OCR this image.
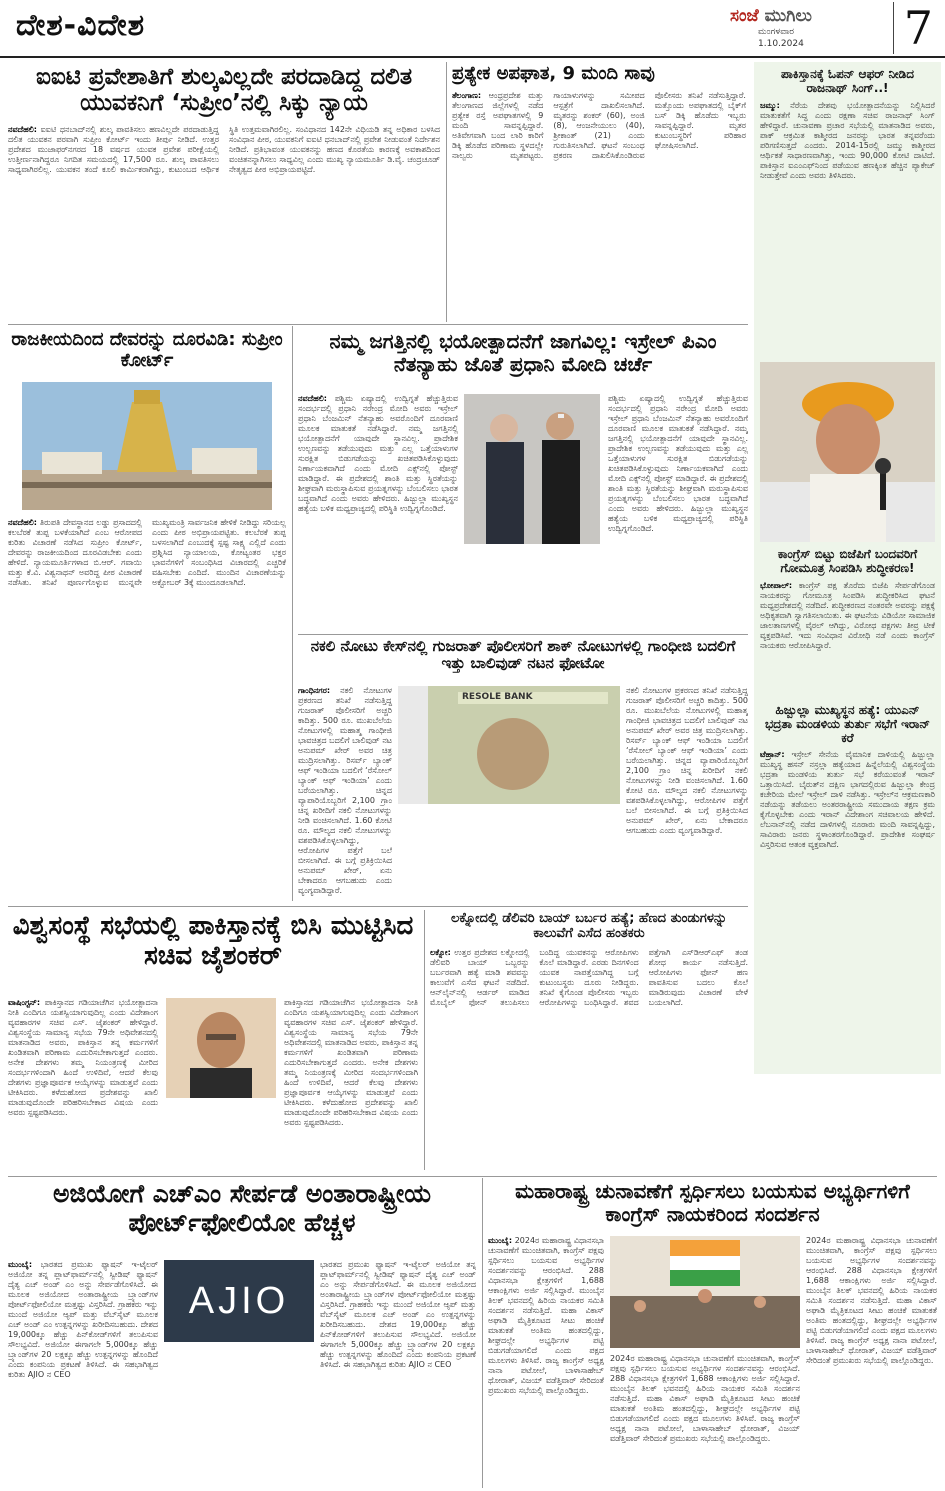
ದೇಶ-ವಿದೇಶ	ಸಂಜೆ ಮುಗಿಲು
ಮಂಗಳವಾರ
1.10.2024	7
ಐಐಟಿ ಪ್ರವೇಶಾತಿಗೆ ಶುಲ್ಕವಿಲ್ಲದೇ ಪರದಾಡಿದ್ದ ದಲಿತ ಯುವಕನಿಗೆ ‘ಸುಪ್ರೀಂ’ನಲ್ಲಿ ಸಿಕ್ಕು ನ್ಯಾಯ
ನವದೆಹಲಿ: ಐಐಟಿ ಧನಬಾದ್‌ನಲ್ಲಿ ಶುಲ್ಕ ಪಾವತಿಸಲು ಹಣವಿಲ್ಲದೇ ಪರದಾಡುತ್ತಿದ್ದ ದಲಿತ ಯುವಕನ ಪರವಾಗಿ ಸುಪ್ರೀಂ ಕೋರ್ಟ್ ಇಂದು ತೀರ್ಪು ನೀಡಿದೆ. ಉತ್ತರ ಪ್ರದೇಶದ ಮುಜಾಫರ್‌ನಗರದ 18 ವರ್ಷದ ಯುವಕ ಪ್ರವೇಶ ಪರೀಕ್ಷೆಯಲ್ಲಿ ಉತ್ತೀರ್ಣನಾಗಿದ್ದರೂ ನಿಗದಿತ ಸಮಯದಲ್ಲಿ 17,500 ರೂ. ಶುಲ್ಕ ಪಾವತಿಸಲು ಸಾಧ್ಯವಾಗಿರಲಿಲ್ಲ. ಯುವಕನ ತಂದೆ ಕೂಲಿ ಕಾರ್ಮಿಕರಾಗಿದ್ದು, ಕುಟುಂಬದ ಆರ್ಥಿಕ ಸ್ಥಿತಿ ಉತ್ತಮವಾಗಿರಲಿಲ್ಲ. ಸಂವಿಧಾನದ 142ನೇ ವಿಧಿಯಡಿ ತನ್ನ ಅಧಿಕಾರ ಬಳಸಿದ ಸಂವಿಧಾನ ಪೀಠ, ಯುವಕನಿಗೆ ಐಐಟಿ ಧನಬಾದ್‌ನಲ್ಲಿ ಪ್ರವೇಶ ನೀಡುವಂತೆ ನಿರ್ದೇಶನ ನೀಡಿದೆ. ಪ್ರತಿಭಾವಂತ ಯುವಕನನ್ನು ಹಣದ ಕೊರತೆಯ ಕಾರಣಕ್ಕೆ ಅವಕಾಶದಿಂದ ವಂಚಿತನನ್ನಾಗಿಸಲು ಸಾಧ್ಯವಿಲ್ಲ ಎಂದು ಮುಖ್ಯ ನ್ಯಾಯಮೂರ್ತಿ ಡಿ.ವೈ. ಚಂದ್ರಚೂಡ್ ನೇತೃತ್ವದ ಪೀಠ ಅಭಿಪ್ರಾಯಪಟ್ಟಿದೆ.
ಪ್ರತ್ಯೇಕ ಅಪಘಾತ, 9 ಮಂದಿ ಸಾವು
ತೆಲಂಗಾಣ: ಆಂಧ್ರಪ್ರದೇಶ ಮತ್ತು ತೆಲಂಗಾಣದ ಜಿಲ್ಲೆಗಳಲ್ಲಿ ನಡೆದ ಪ್ರತ್ಯೇಕ ರಸ್ತೆ ಅಪಘಾತಗಳಲ್ಲಿ 9 ಮಂದಿ ಸಾವನ್ನಪ್ಪಿದ್ದಾರೆ. ಅತಿವೇಗವಾಗಿ ಬಂದ ಲಾರಿ ಕಾರಿಗೆ ಡಿಕ್ಕಿ ಹೊಡೆದ ಪರಿಣಾಮ ಸ್ಥಳದಲ್ಲೇ ನಾಲ್ವರು ಮೃತಪಟ್ಟರು. ಗಾಯಾಳುಗಳನ್ನು ಸಮೀಪದ ಆಸ್ಪತ್ರೆಗೆ ದಾಖಲಿಸಲಾಗಿದೆ. ಮೃತರನ್ನು ಶಂಕರ್ (60), ಅಂಜಿ (8), ಆಂಜನೇಯುಲು (40), ಶ್ರೀಕಾಂತ್ (21) ಎಂದು ಗುರುತಿಸಲಾಗಿದೆ. ಘಟನೆ ಸಂಬಂಧ ಪ್ರಕರಣ ದಾಖಲಿಸಿಕೊಂಡಿರುವ ಪೊಲೀಸರು ತನಿಖೆ ನಡೆಸುತ್ತಿದ್ದಾರೆ. ಮತ್ತೊಂದು ಅಪಘಾತದಲ್ಲಿ ಬೈಕ್‌ಗೆ ಬಸ್ ಡಿಕ್ಕಿ ಹೊಡೆದು ಇಬ್ಬರು ಸಾವನ್ನಪ್ಪಿದ್ದಾರೆ. ಮೃತರ ಕುಟುಂಬಸ್ಥರಿಗೆ ಪರಿಹಾರ ಘೋಷಿಸಲಾಗಿದೆ.
ಪಾಕಿಸ್ತಾನಕ್ಕೆ ಓಪನ್ ಆಫರ್ ನೀಡಿದ ರಾಜನಾಥ್ ಸಿಂಗ್..!
ಜಮ್ಮು: ನೆರೆಯ ದೇಶವು ಭಯೋತ್ಪಾದನೆಯನ್ನು ನಿಲ್ಲಿಸಿದರೆ ಮಾತುಕತೆಗೆ ಸಿದ್ಧ ಎಂದು ರಕ್ಷಣಾ ಸಚಿವ ರಾಜನಾಥ್ ಸಿಂಗ್ ಹೇಳಿದ್ದಾರೆ. ಚುನಾವಣಾ ಪ್ರಚಾರ ಸಭೆಯಲ್ಲಿ ಮಾತನಾಡಿದ ಅವರು, ಪಾಕ್ ಆಕ್ರಮಿತ ಕಾಶ್ಮೀರದ ಜನರನ್ನು ಭಾರತ ತನ್ನವರೆಂದು ಪರಿಗಣಿಸುತ್ತದೆ ಎಂದರು. 2014-15ರಲ್ಲಿ ಜಮ್ಮು ಕಾಶ್ಮೀರದ ಆರ್ಥಿಕತೆ ಸಾಧಾರಣವಾಗಿತ್ತು, ಇಂದು 90,000 ಕೋಟಿ ದಾಟಿದೆ. ಪಾಕಿಸ್ತಾನ ಐಎಂಎಫ್‌ನಿಂದ ಪಡೆಯುವ ಹಣಕ್ಕಿಂತ ಹೆಚ್ಚಿನ ಪ್ಯಾಕೇಜ್ ನೀಡುತ್ತೇವೆ ಎಂದು ಅವರು ತಿಳಿಸಿದರು.
ಕಾಂಗ್ರೆಸ್ ಬಿಟ್ಟು ಬಿಜೆಪಿಗೆ ಬಂದವರಿಗೆ ಗೋಮೂತ್ರ ಸಿಂಪಡಿಸಿ ಶುದ್ಧೀಕರಣ!
ಭೋಪಾಲ್: ಕಾಂಗ್ರೆಸ್ ಪಕ್ಷ ತೊರೆದು ಬಿಜೆಪಿ ಸೇರ್ಪಡೆಗೊಂಡ ನಾಯಕರನ್ನು ಗೋಮೂತ್ರ ಸಿಂಪಡಿಸಿ ಶುದ್ಧೀಕರಿಸಿದ ಘಟನೆ ಮಧ್ಯಪ್ರದೇಶದಲ್ಲಿ ನಡೆದಿದೆ. ಶುದ್ಧೀಕರಣದ ನಂತರವೇ ಅವರನ್ನು ಪಕ್ಷಕ್ಕೆ ಅಧಿಕೃತವಾಗಿ ಸ್ವಾಗತಿಸಲಾಯಿತು. ಈ ಘಟನೆಯ ವಿಡಿಯೋ ಸಾಮಾಜಿಕ ಜಾಲತಾಣಗಳಲ್ಲಿ ವೈರಲ್ ಆಗಿದ್ದು, ವಿರೋಧ ಪಕ್ಷಗಳು ತೀವ್ರ ಟೀಕೆ ವ್ಯಕ್ತಪಡಿಸಿವೆ. ಇದು ಸಂವಿಧಾನ ವಿರೋಧಿ ನಡೆ ಎಂದು ಕಾಂಗ್ರೆಸ್ ನಾಯಕರು ಆರೋಪಿಸಿದ್ದಾರೆ.
ಹಿಜ್ಬುಲ್ಲಾ ಮುಖ್ಯಸ್ಥನ ಹತ್ಯೆ: ಯುಎನ್ ಭದ್ರತಾ ಮಂಡಳಿಯ ತುರ್ತು ಸಭೆಗೆ ಇರಾನ್ ಕರೆ
ಟೆಹ್ರಾನ್: ಇಸ್ರೇಲ್ ಸೇನೆಯ ವೈಮಾನಿಕ ದಾಳಿಯಲ್ಲಿ ಹಿಜ್ಬುಲ್ಲಾ ಮುಖ್ಯಸ್ಥ ಹಸನ್ ನಸ್ರಲ್ಲಾ ಹತ್ಯೆಯಾದ ಹಿನ್ನೆಲೆಯಲ್ಲಿ ವಿಶ್ವಸಂಸ್ಥೆಯ ಭದ್ರತಾ ಮಂಡಳಿಯ ತುರ್ತು ಸಭೆ ಕರೆಯುವಂತೆ ಇರಾನ್ ಒತ್ತಾಯಿಸಿದೆ. ಬೈರುತ್‌ನ ದಕ್ಷಿಣ ಭಾಗದಲ್ಲಿರುವ ಹಿಜ್ಬುಲ್ಲಾ ಕೇಂದ್ರ ಕಚೇರಿಯ ಮೇಲೆ ಇಸ್ರೇಲ್ ದಾಳಿ ನಡೆಸಿತ್ತು. ಇಸ್ರೇಲ್‌ನ ಆಕ್ರಮಣಕಾರಿ ನಡೆಯನ್ನು ತಡೆಯಲು ಅಂತರರಾಷ್ಟ್ರೀಯ ಸಮುದಾಯ ತಕ್ಷಣ ಕ್ರಮ ಕೈಗೊಳ್ಳಬೇಕು ಎಂದು ಇರಾನ್ ವಿದೇಶಾಂಗ ಸಚಿವಾಲಯ ಹೇಳಿದೆ. ಲೆಬನಾನ್‌ನಲ್ಲಿ ನಡೆದ ದಾಳಿಗಳಲ್ಲಿ ನೂರಾರು ಮಂದಿ ಸಾವನ್ನಪ್ಪಿದ್ದು, ಸಾವಿರಾರು ಜನರು ಸ್ಥಳಾಂತರಗೊಂಡಿದ್ದಾರೆ. ಪ್ರಾದೇಶಿಕ ಸಂಘರ್ಷ ವಿಸ್ತರಿಸುವ ಆತಂಕ ವ್ಯಕ್ತವಾಗಿದೆ.
ರಾಜಕೀಯದಿಂದ ದೇವರನ್ನು ದೂರವಿಡಿ: ಸುಪ್ರೀಂ ಕೋರ್ಟ್
ನವದೆಹಲಿ: ತಿರುಪತಿ ದೇವಸ್ಥಾನದ ಲಡ್ಡು ಪ್ರಸಾದದಲ್ಲಿ ಕಲಬೆರಕೆ ತುಪ್ಪ ಬಳಕೆಯಾಗಿದೆ ಎಂಬ ಆರೋಪದ ಕುರಿತು ವಿಚಾರಣೆ ನಡೆಸಿದ ಸುಪ್ರೀಂ ಕೋರ್ಟ್, ದೇವರನ್ನು ರಾಜಕೀಯದಿಂದ ದೂರವಿಡಬೇಕು ಎಂದು ಹೇಳಿದೆ. ನ್ಯಾಯಮೂರ್ತಿಗಳಾದ ಬಿ.ಆರ್. ಗವಾಯಿ ಮತ್ತು ಕೆ.ವಿ. ವಿಶ್ವನಾಥನ್ ಅವರಿದ್ದ ಪೀಠ ವಿಚಾರಣೆ ನಡೆಸಿತು. ತನಿಖೆ ಪೂರ್ಣಗೊಳ್ಳುವ ಮುನ್ನವೇ ಮುಖ್ಯಮಂತ್ರಿ ಸಾರ್ವಜನಿಕ ಹೇಳಿಕೆ ನೀಡಿದ್ದು ಸರಿಯಲ್ಲ ಎಂದು ಪೀಠ ಅಭಿಪ್ರಾಯಪಟ್ಟಿತು. ಕಲಬೆರಕೆ ತುಪ್ಪ ಬಳಸಲಾಗಿದೆ ಎಂಬುದಕ್ಕೆ ಸ್ಪಷ್ಟ ಸಾಕ್ಷ್ಯ ಎಲ್ಲಿದೆ ಎಂದು ಪ್ರಶ್ನಿಸಿದ ನ್ಯಾಯಾಲಯ, ಕೋಟ್ಯಂತರ ಭಕ್ತರ ಭಾವನೆಗಳಿಗೆ ಸಂಬಂಧಿಸಿದ ವಿಚಾರದಲ್ಲಿ ಎಚ್ಚರಿಕೆ ವಹಿಸಬೇಕು ಎಂದಿದೆ. ಮುಂದಿನ ವಿಚಾರಣೆಯನ್ನು ಅಕ್ಟೋಬರ್ 3ಕ್ಕೆ ಮುಂದೂಡಲಾಗಿದೆ.
ನಮ್ಮ ಜಗತ್ತಿನಲ್ಲಿ ಭಯೋತ್ಪಾದನೆಗೆ ಜಾಗವಿಲ್ಲ: ಇಸ್ರೇಲ್ ಪಿಎಂ ನೆತನ್ಯಾಹು ಜೊತೆ ಪ್ರಧಾನಿ ಮೋದಿ ಚರ್ಚೆ
ನವದೆಹಲಿ: ಪಶ್ಚಿಮ ಏಷ್ಯಾದಲ್ಲಿ ಉದ್ವಿಗ್ನತೆ ಹೆಚ್ಚುತ್ತಿರುವ ಸಂದರ್ಭದಲ್ಲಿ ಪ್ರಧಾನಿ ನರೇಂದ್ರ ಮೋದಿ ಅವರು ಇಸ್ರೇಲ್ ಪ್ರಧಾನಿ ಬೆಂಜಮಿನ್ ನೆತನ್ಯಾಹು ಅವರೊಂದಿಗೆ ದೂರವಾಣಿ ಮೂಲಕ ಮಾತುಕತೆ ನಡೆಸಿದ್ದಾರೆ. ನಮ್ಮ ಜಗತ್ತಿನಲ್ಲಿ ಭಯೋತ್ಪಾದನೆಗೆ ಯಾವುದೇ ಸ್ಥಾನವಿಲ್ಲ. ಪ್ರಾದೇಶಿಕ ಉಲ್ಬಣವನ್ನು ತಡೆಯುವುದು ಮತ್ತು ಎಲ್ಲ ಒತ್ತೆಯಾಳುಗಳ ಸುರಕ್ಷಿತ ಬಿಡುಗಡೆಯನ್ನು ಖಚಿತಪಡಿಸಿಕೊಳ್ಳುವುದು ನಿರ್ಣಾಯಕವಾಗಿದೆ ಎಂದು ಮೋದಿ ಎಕ್ಸ್‌ನಲ್ಲಿ ಪೋಸ್ಟ್ ಮಾಡಿದ್ದಾರೆ. ಈ ಪ್ರದೇಶದಲ್ಲಿ ಶಾಂತಿ ಮತ್ತು ಸ್ಥಿರತೆಯನ್ನು ಶೀಘ್ರವಾಗಿ ಮರುಸ್ಥಾಪಿಸುವ ಪ್ರಯತ್ನಗಳನ್ನು ಬೆಂಬಲಿಸಲು ಭಾರತ ಬದ್ಧವಾಗಿದೆ ಎಂದು ಅವರು ಹೇಳಿದರು. ಹಿಜ್ಬುಲ್ಲಾ ಮುಖ್ಯಸ್ಥನ ಹತ್ಯೆಯ ಬಳಿಕ ಮಧ್ಯಪ್ರಾಚ್ಯದಲ್ಲಿ ಪರಿಸ್ಥಿತಿ ಉದ್ವಿಗ್ನಗೊಂಡಿದೆ.
ಪಶ್ಚಿಮ ಏಷ್ಯಾದಲ್ಲಿ ಉದ್ವಿಗ್ನತೆ ಹೆಚ್ಚುತ್ತಿರುವ ಸಂದರ್ಭದಲ್ಲಿ ಪ್ರಧಾನಿ ನರೇಂದ್ರ ಮೋದಿ ಅವರು ಇಸ್ರೇಲ್ ಪ್ರಧಾನಿ ಬೆಂಜಮಿನ್ ನೆತನ್ಯಾಹು ಅವರೊಂದಿಗೆ ದೂರವಾಣಿ ಮೂಲಕ ಮಾತುಕತೆ ನಡೆಸಿದ್ದಾರೆ. ನಮ್ಮ ಜಗತ್ತಿನಲ್ಲಿ ಭಯೋತ್ಪಾದನೆಗೆ ಯಾವುದೇ ಸ್ಥಾನವಿಲ್ಲ. ಪ್ರಾದೇಶಿಕ ಉಲ್ಬಣವನ್ನು ತಡೆಯುವುದು ಮತ್ತು ಎಲ್ಲ ಒತ್ತೆಯಾಳುಗಳ ಸುರಕ್ಷಿತ ಬಿಡುಗಡೆಯನ್ನು ಖಚಿತಪಡಿಸಿಕೊಳ್ಳುವುದು ನಿರ್ಣಾಯಕವಾಗಿದೆ ಎಂದು ಮೋದಿ ಎಕ್ಸ್‌ನಲ್ಲಿ ಪೋಸ್ಟ್ ಮಾಡಿದ್ದಾರೆ. ಈ ಪ್ರದೇಶದಲ್ಲಿ ಶಾಂತಿ ಮತ್ತು ಸ್ಥಿರತೆಯನ್ನು ಶೀಘ್ರವಾಗಿ ಮರುಸ್ಥಾಪಿಸುವ ಪ್ರಯತ್ನಗಳನ್ನು ಬೆಂಬಲಿಸಲು ಭಾರತ ಬದ್ಧವಾಗಿದೆ ಎಂದು ಅವರು ಹೇಳಿದರು. ಹಿಜ್ಬುಲ್ಲಾ ಮುಖ್ಯಸ್ಥನ ಹತ್ಯೆಯ ಬಳಿಕ ಮಧ್ಯಪ್ರಾಚ್ಯದಲ್ಲಿ ಪರಿಸ್ಥಿತಿ ಉದ್ವಿಗ್ನಗೊಂಡಿದೆ.
ನಕಲಿ ನೋಟು ಕೇಸ್‌ನಲ್ಲಿ ಗುಜರಾತ್ ಪೊಲೀಸರಿಗೆ ಶಾಕ್ ನೋಟುಗಳಲ್ಲಿ ಗಾಂಧೀಜಿ ಬದಲಿಗೆ ಇತ್ತು ಬಾಲಿವುಡ್ ನಟನ ಫೋಟೋ
ಗಾಂಧಿನಗರ: ನಕಲಿ ನೋಟುಗಳ ಪ್ರಕರಣದ ತನಿಖೆ ನಡೆಸುತ್ತಿದ್ದ ಗುಜರಾತ್ ಪೊಲೀಸರಿಗೆ ಅಚ್ಚರಿ ಕಾದಿತ್ತು. 500 ರೂ. ಮುಖಬೆಲೆಯ ನೋಟುಗಳಲ್ಲಿ ಮಹಾತ್ಮ ಗಾಂಧೀಜಿ ಭಾವಚಿತ್ರದ ಬದಲಿಗೆ ಬಾಲಿವುಡ್ ನಟ ಅನುಪಮ್ ಖೇರ್ ಅವರ ಚಿತ್ರ ಮುದ್ರಿಸಲಾಗಿತ್ತು. ರಿಸರ್ವ್ ಬ್ಯಾಂಕ್ ಆಫ್ ಇಂಡಿಯಾ ಬದಲಿಗೆ ‘ರೆಸೋಲ್ ಬ್ಯಾಂಕ್ ಆಫ್ ಇಂಡಿಯಾ’ ಎಂದು ಬರೆಯಲಾಗಿತ್ತು. ಚಿನ್ನದ ವ್ಯಾಪಾರಿಯೊಬ್ಬರಿಗೆ 2,100 ಗ್ರಾಂ ಚಿನ್ನ ಖರೀದಿಗೆ ನಕಲಿ ನೋಟುಗಳನ್ನು ನೀಡಿ ವಂಚಿಸಲಾಗಿದೆ. 1.60 ಕೋಟಿ ರೂ. ಮೌಲ್ಯದ ನಕಲಿ ನೋಟುಗಳನ್ನು ವಶಪಡಿಸಿಕೊಳ್ಳಲಾಗಿದ್ದು, ಆರೋಪಿಗಳ ಪತ್ತೆಗೆ ಬಲೆ ಬೀಸಲಾಗಿದೆ. ಈ ಬಗ್ಗೆ ಪ್ರತಿಕ್ರಿಯಿಸಿದ ಅನುಪಮ್ ಖೇರ್, ಏನು ಬೇಕಾದರೂ ಆಗಬಹುದು ಎಂದು ವ್ಯಂಗ್ಯವಾಡಿದ್ದಾರೆ.
RESOLE BANK
ನಕಲಿ ನೋಟುಗಳ ಪ್ರಕರಣದ ತನಿಖೆ ನಡೆಸುತ್ತಿದ್ದ ಗುಜರಾತ್ ಪೊಲೀಸರಿಗೆ ಅಚ್ಚರಿ ಕಾದಿತ್ತು. 500 ರೂ. ಮುಖಬೆಲೆಯ ನೋಟುಗಳಲ್ಲಿ ಮಹಾತ್ಮ ಗಾಂಧೀಜಿ ಭಾವಚಿತ್ರದ ಬದಲಿಗೆ ಬಾಲಿವುಡ್ ನಟ ಅನುಪಮ್ ಖೇರ್ ಅವರ ಚಿತ್ರ ಮುದ್ರಿಸಲಾಗಿತ್ತು. ರಿಸರ್ವ್ ಬ್ಯಾಂಕ್ ಆಫ್ ಇಂಡಿಯಾ ಬದಲಿಗೆ ‘ರೆಸೋಲ್ ಬ್ಯಾಂಕ್ ಆಫ್ ಇಂಡಿಯಾ’ ಎಂದು ಬರೆಯಲಾಗಿತ್ತು. ಚಿನ್ನದ ವ್ಯಾಪಾರಿಯೊಬ್ಬರಿಗೆ 2,100 ಗ್ರಾಂ ಚಿನ್ನ ಖರೀದಿಗೆ ನಕಲಿ ನೋಟುಗಳನ್ನು ನೀಡಿ ವಂಚಿಸಲಾಗಿದೆ. 1.60 ಕೋಟಿ ರೂ. ಮೌಲ್ಯದ ನಕಲಿ ನೋಟುಗಳನ್ನು ವಶಪಡಿಸಿಕೊಳ್ಳಲಾಗಿದ್ದು, ಆರೋಪಿಗಳ ಪತ್ತೆಗೆ ಬಲೆ ಬೀಸಲಾಗಿದೆ. ಈ ಬಗ್ಗೆ ಪ್ರತಿಕ್ರಿಯಿಸಿದ ಅನುಪಮ್ ಖೇರ್, ಏನು ಬೇಕಾದರೂ ಆಗಬಹುದು ಎಂದು ವ್ಯಂಗ್ಯವಾಡಿದ್ದಾರೆ.
ವಿಶ್ವಸಂಸ್ಥೆ ಸಭೆಯಲ್ಲಿ ಪಾಕಿಸ್ತಾನಕ್ಕೆ ಬಿಸಿ ಮುಟ್ಟಿಸಿದ ಸಚಿವ ಜೈಶಂಕರ್
ವಾಷಿಂಗ್ಟನ್: ಪಾಕಿಸ್ತಾನದ ಗಡಿಯಾಚೆಗಿನ ಭಯೋತ್ಪಾದನಾ ನೀತಿ ಎಂದಿಗೂ ಯಶಸ್ವಿಯಾಗುವುದಿಲ್ಲ ಎಂದು ವಿದೇಶಾಂಗ ವ್ಯವಹಾರಗಳ ಸಚಿವ ಎಸ್. ಜೈಶಂಕರ್ ಹೇಳಿದ್ದಾರೆ. ವಿಶ್ವಸಂಸ್ಥೆಯ ಸಾಮಾನ್ಯ ಸಭೆಯ 79ನೇ ಅಧಿವೇಶನದಲ್ಲಿ ಮಾತನಾಡಿದ ಅವರು, ಪಾಕಿಸ್ತಾನ ತನ್ನ ಕರ್ಮಗಳಿಗೆ ಖಂಡಿತವಾಗಿ ಪರಿಣಾಮ ಎದುರಿಸಬೇಕಾಗುತ್ತದೆ ಎಂದರು. ಅನೇಕ ದೇಶಗಳು ತಮ್ಮ ನಿಯಂತ್ರಣಕ್ಕೆ ಮೀರಿದ ಸಂದರ್ಭಗಳಿಂದಾಗಿ ಹಿಂದೆ ಉಳಿದಿವೆ, ಆದರೆ ಕೆಲವು ದೇಶಗಳು ಪ್ರಜ್ಞಾಪೂರ್ವಕ ಆಯ್ಕೆಗಳನ್ನು ಮಾಡುತ್ತವೆ ಎಂದು ಟೀಕಿಸಿದರು. ಕಳೆದುಹೋದ ಪ್ರದೇಶವನ್ನು ಖಾಲಿ ಮಾಡುವುದೊಂದೇ ಪರಿಹರಿಸಬೇಕಾದ ವಿಷಯ ಎಂದು ಅವರು ಸ್ಪಷ್ಟಪಡಿಸಿದರು.
ಪಾಕಿಸ್ತಾನದ ಗಡಿಯಾಚೆಗಿನ ಭಯೋತ್ಪಾದನಾ ನೀತಿ ಎಂದಿಗೂ ಯಶಸ್ವಿಯಾಗುವುದಿಲ್ಲ ಎಂದು ವಿದೇಶಾಂಗ ವ್ಯವಹಾರಗಳ ಸಚಿವ ಎಸ್. ಜೈಶಂಕರ್ ಹೇಳಿದ್ದಾರೆ. ವಿಶ್ವಸಂಸ್ಥೆಯ ಸಾಮಾನ್ಯ ಸಭೆಯ 79ನೇ ಅಧಿವೇಶನದಲ್ಲಿ ಮಾತನಾಡಿದ ಅವರು, ಪಾಕಿಸ್ತಾನ ತನ್ನ ಕರ್ಮಗಳಿಗೆ ಖಂಡಿತವಾಗಿ ಪರಿಣಾಮ ಎದುರಿಸಬೇಕಾಗುತ್ತದೆ ಎಂದರು. ಅನೇಕ ದೇಶಗಳು ತಮ್ಮ ನಿಯಂತ್ರಣಕ್ಕೆ ಮೀರಿದ ಸಂದರ್ಭಗಳಿಂದಾಗಿ ಹಿಂದೆ ಉಳಿದಿವೆ, ಆದರೆ ಕೆಲವು ದೇಶಗಳು ಪ್ರಜ್ಞಾಪೂರ್ವಕ ಆಯ್ಕೆಗಳನ್ನು ಮಾಡುತ್ತವೆ ಎಂದು ಟೀಕಿಸಿದರು. ಕಳೆದುಹೋದ ಪ್ರದೇಶವನ್ನು ಖಾಲಿ ಮಾಡುವುದೊಂದೇ ಪರಿಹರಿಸಬೇಕಾದ ವಿಷಯ ಎಂದು ಅವರು ಸ್ಪಷ್ಟಪಡಿಸಿದರು.
ಲಕ್ನೋದಲ್ಲಿ ಡೆಲಿವರಿ ಬಾಯ್ ಬರ್ಬರ ಹತ್ಯೆ; ಹೆಣದ ತುಂಡುಗಳನ್ನು ಕಾಲುವೆಗೆ ಎಸೆದ ಹಂತಕರು
ಲಕ್ನೋ: ಉತ್ತರ ಪ್ರದೇಶದ ಲಕ್ನೋದಲ್ಲಿ ಡೆಲಿವರಿ ಬಾಯ್ ಒಬ್ಬರನ್ನು ಬರ್ಬರವಾಗಿ ಹತ್ಯೆ ಮಾಡಿ ಶವವನ್ನು ಕಾಲುವೆಗೆ ಎಸೆದ ಘಟನೆ ನಡೆದಿದೆ. ಆನ್‌ಲೈನ್‌ನಲ್ಲಿ ಆರ್ಡರ್ ಮಾಡಿದ ಮೊಬೈಲ್ ಫೋನ್ ತಲುಪಿಸಲು ಬಂದಿದ್ದ ಯುವಕನನ್ನು ಆರೋಪಿಗಳು ಕೊಲೆ ಮಾಡಿದ್ದಾರೆ. ಎರಡು ದಿನಗಳಿಂದ ಯುವಕ ನಾಪತ್ತೆಯಾಗಿದ್ದ ಬಗ್ಗೆ ಕುಟುಂಬಸ್ಥರು ದೂರು ನೀಡಿದ್ದರು. ತನಿಖೆ ಕೈಗೊಂಡ ಪೊಲೀಸರು ಇಬ್ಬರು ಆರೋಪಿಗಳನ್ನು ಬಂಧಿಸಿದ್ದಾರೆ. ಶವದ ಪತ್ತೆಗಾಗಿ ಎಸ್‌ಡಿಆರ್‌ಎಫ್ ತಂಡ ಶೋಧ ಕಾರ್ಯ ನಡೆಸುತ್ತಿದೆ. ಆರೋಪಿಗಳು ಫೋನ್ ಹಣ ಪಾವತಿಸುವ ಬದಲು ಕೊಲೆ ಮಾಡಿರುವುದು ವಿಚಾರಣೆ ವೇಳೆ ಬಯಲಾಗಿದೆ.
ಅಜಿಯೋಗೆ ಎಚ್‌ಎಂ ಸೇರ್ಪಡೆ ಅಂತಾರಾಷ್ಟ್ರೀಯ ಪೋರ್ಟ್‌ಫೋಲಿಯೋ ಹೆಚ್ಚಳ
ಮುಂಬೈ: ಭಾರತದ ಪ್ರಮುಖ ಫ್ಯಾಷನ್ ಇ-ಟೈಲರ್ ಅಜಿಯೋ ತನ್ನ ಪ್ಲಾಟ್‌ಫಾರ್ಮ್‌ನಲ್ಲಿ ಸ್ವೀಡಿಷ್ ಫ್ಯಾಷನ್ ದೈತ್ಯ ಎಚ್ ಅಂಡ್ ಎಂ ಅನ್ನು ಸೇರ್ಪಡೆಗೊಳಿಸಿದೆ. ಈ ಮೂಲಕ ಅಜಿಯೋದ ಅಂತಾರಾಷ್ಟ್ರೀಯ ಬ್ರ್ಯಾಂಡ್‌ಗಳ ಪೋರ್ಟ್‌ಫೋಲಿಯೋ ಮತ್ತಷ್ಟು ವಿಸ್ತರಿಸಿದೆ. ಗ್ರಾಹಕರು ಇನ್ನು ಮುಂದೆ ಅಜಿಯೋ ಆ್ಯಪ್ ಮತ್ತು ವೆಬ್‌ಸೈಟ್ ಮೂಲಕ ಎಚ್ ಅಂಡ್ ಎಂ ಉತ್ಪನ್ನಗಳನ್ನು ಖರೀದಿಸಬಹುದು. ದೇಶದ 19,000ಕ್ಕೂ ಹೆಚ್ಚು ಪಿನ್‌ಕೋಡ್‌ಗಳಿಗೆ ತಲುಪಿಸುವ ಸೌಲಭ್ಯವಿದೆ. ಅಜಿಯೋ ಈಗಾಗಲೇ 5,000ಕ್ಕೂ ಹೆಚ್ಚು ಬ್ರ್ಯಾಂಡ್‌ಗಳ 20 ಲಕ್ಷಕ್ಕೂ ಹೆಚ್ಚು ಉತ್ಪನ್ನಗಳನ್ನು ಹೊಂದಿದೆ ಎಂದು ಕಂಪನಿಯ ಪ್ರಕಟಣೆ ತಿಳಿಸಿದೆ. ಈ ಸಹಭಾಗಿತ್ವದ ಕುರಿತು AJIO ನ CEO
AJIO
ಭಾರತದ ಪ್ರಮುಖ ಫ್ಯಾಷನ್ ಇ-ಟೈಲರ್ ಅಜಿಯೋ ತನ್ನ ಪ್ಲಾಟ್‌ಫಾರ್ಮ್‌ನಲ್ಲಿ ಸ್ವೀಡಿಷ್ ಫ್ಯಾಷನ್ ದೈತ್ಯ ಎಚ್ ಅಂಡ್ ಎಂ ಅನ್ನು ಸೇರ್ಪಡೆಗೊಳಿಸಿದೆ. ಈ ಮೂಲಕ ಅಜಿಯೋದ ಅಂತಾರಾಷ್ಟ್ರೀಯ ಬ್ರ್ಯಾಂಡ್‌ಗಳ ಪೋರ್ಟ್‌ಫೋಲಿಯೋ ಮತ್ತಷ್ಟು ವಿಸ್ತರಿಸಿದೆ. ಗ್ರಾಹಕರು ಇನ್ನು ಮುಂದೆ ಅಜಿಯೋ ಆ್ಯಪ್ ಮತ್ತು ವೆಬ್‌ಸೈಟ್ ಮೂಲಕ ಎಚ್ ಅಂಡ್ ಎಂ ಉತ್ಪನ್ನಗಳನ್ನು ಖರೀದಿಸಬಹುದು. ದೇಶದ 19,000ಕ್ಕೂ ಹೆಚ್ಚು ಪಿನ್‌ಕೋಡ್‌ಗಳಿಗೆ ತಲುಪಿಸುವ ಸೌಲಭ್ಯವಿದೆ. ಅಜಿಯೋ ಈಗಾಗಲೇ 5,000ಕ್ಕೂ ಹೆಚ್ಚು ಬ್ರ್ಯಾಂಡ್‌ಗಳ 20 ಲಕ್ಷಕ್ಕೂ ಹೆಚ್ಚು ಉತ್ಪನ್ನಗಳನ್ನು ಹೊಂದಿದೆ ಎಂದು ಕಂಪನಿಯ ಪ್ರಕಟಣೆ ತಿಳಿಸಿದೆ. ಈ ಸಹಭಾಗಿತ್ವದ ಕುರಿತು AJIO ನ CEO
ಮಹಾರಾಷ್ಟ್ರ ಚುನಾವಣೆಗೆ ಸ್ಪರ್ಧಿಸಲು ಬಯಸುವ ಅಭ್ಯರ್ಥಿಗಳಿಗೆ ಕಾಂಗ್ರೆಸ್ ನಾಯಕರಿಂದ ಸಂದರ್ಶನ
ಮುಂಬೈ: 2024ರ ಮಹಾರಾಷ್ಟ್ರ ವಿಧಾನಸಭಾ ಚುನಾವಣೆಗೆ ಮುಂಚಿತವಾಗಿ, ಕಾಂಗ್ರೆಸ್ ಪಕ್ಷವು ಸ್ಪರ್ಧಿಸಲು ಬಯಸುವ ಅಭ್ಯರ್ಥಿಗಳ ಸಂದರ್ಶನವನ್ನು ಆರಂಭಿಸಿದೆ. 288 ವಿಧಾನಸಭಾ ಕ್ಷೇತ್ರಗಳಿಗೆ 1,688 ಆಕಾಂಕ್ಷಿಗಳು ಅರ್ಜಿ ಸಲ್ಲಿಸಿದ್ದಾರೆ. ಮುಂಬೈನ ತಿಲಕ್ ಭವನದಲ್ಲಿ ಹಿರಿಯ ನಾಯಕರ ಸಮಿತಿ ಸಂದರ್ಶನ ನಡೆಸುತ್ತಿದೆ. ಮಹಾ ವಿಕಾಸ್ ಅಘಾಡಿ ಮೈತ್ರಿಕೂಟದ ಸೀಟು ಹಂಚಿಕೆ ಮಾತುಕತೆ ಅಂತಿಮ ಹಂತದಲ್ಲಿದ್ದು, ಶೀಘ್ರದಲ್ಲೇ ಅಭ್ಯರ್ಥಿಗಳ ಪಟ್ಟಿ ಬಿಡುಗಡೆಯಾಗಲಿದೆ ಎಂದು ಪಕ್ಷದ ಮೂಲಗಳು ತಿಳಿಸಿವೆ. ರಾಜ್ಯ ಕಾಂಗ್ರೆಸ್ ಅಧ್ಯಕ್ಷ ನಾನಾ ಪಟೋಲೆ, ಬಾಳಾಸಾಹೇಬ್ ಥೋರಾತ್, ವಿಜಯ್ ವಡೆತ್ತಿವಾರ್ ಸೇರಿದಂತೆ ಪ್ರಮುಖರು ಸಭೆಯಲ್ಲಿ ಪಾಲ್ಗೊಂಡಿದ್ದರು.
2024ರ ಮಹಾರಾಷ್ಟ್ರ ವಿಧಾನಸಭಾ ಚುನಾವಣೆಗೆ ಮುಂಚಿತವಾಗಿ, ಕಾಂಗ್ರೆಸ್ ಪಕ್ಷವು ಸ್ಪರ್ಧಿಸಲು ಬಯಸುವ ಅಭ್ಯರ್ಥಿಗಳ ಸಂದರ್ಶನವನ್ನು ಆರಂಭಿಸಿದೆ. 288 ವಿಧಾನಸಭಾ ಕ್ಷೇತ್ರಗಳಿಗೆ 1,688 ಆಕಾಂಕ್ಷಿಗಳು ಅರ್ಜಿ ಸಲ್ಲಿಸಿದ್ದಾರೆ. ಮುಂಬೈನ ತಿಲಕ್ ಭವನದಲ್ಲಿ ಹಿರಿಯ ನಾಯಕರ ಸಮಿತಿ ಸಂದರ್ಶನ ನಡೆಸುತ್ತಿದೆ. ಮಹಾ ವಿಕಾಸ್ ಅಘಾಡಿ ಮೈತ್ರಿಕೂಟದ ಸೀಟು ಹಂಚಿಕೆ ಮಾತುಕತೆ ಅಂತಿಮ ಹಂತದಲ್ಲಿದ್ದು, ಶೀಘ್ರದಲ್ಲೇ ಅಭ್ಯರ್ಥಿಗಳ ಪಟ್ಟಿ ಬಿಡುಗಡೆಯಾಗಲಿದೆ ಎಂದು ಪಕ್ಷದ ಮೂಲಗಳು ತಿಳಿಸಿವೆ. ರಾಜ್ಯ ಕಾಂಗ್ರೆಸ್ ಅಧ್ಯಕ್ಷ ನಾನಾ ಪಟೋಲೆ, ಬಾಳಾಸಾಹೇಬ್ ಥೋರಾತ್, ವಿಜಯ್ ವಡೆತ್ತಿವಾರ್ ಸೇರಿದಂತೆ ಪ್ರಮುಖರು ಸಭೆಯಲ್ಲಿ ಪಾಲ್ಗೊಂಡಿದ್ದರು.
2024ರ ಮಹಾರಾಷ್ಟ್ರ ವಿಧಾನಸಭಾ ಚುನಾವಣೆಗೆ ಮುಂಚಿತವಾಗಿ, ಕಾಂಗ್ರೆಸ್ ಪಕ್ಷವು ಸ್ಪರ್ಧಿಸಲು ಬಯಸುವ ಅಭ್ಯರ್ಥಿಗಳ ಸಂದರ್ಶನವನ್ನು ಆರಂಭಿಸಿದೆ. 288 ವಿಧಾನಸಭಾ ಕ್ಷೇತ್ರಗಳಿಗೆ 1,688 ಆಕಾಂಕ್ಷಿಗಳು ಅರ್ಜಿ ಸಲ್ಲಿಸಿದ್ದಾರೆ. ಮುಂಬೈನ ತಿಲಕ್ ಭವನದಲ್ಲಿ ಹಿರಿಯ ನಾಯಕರ ಸಮಿತಿ ಸಂದರ್ಶನ ನಡೆಸುತ್ತಿದೆ. ಮಹಾ ವಿಕಾಸ್ ಅಘಾಡಿ ಮೈತ್ರಿಕೂಟದ ಸೀಟು ಹಂಚಿಕೆ ಮಾತುಕತೆ ಅಂತಿಮ ಹಂತದಲ್ಲಿದ್ದು, ಶೀಘ್ರದಲ್ಲೇ ಅಭ್ಯರ್ಥಿಗಳ ಪಟ್ಟಿ ಬಿಡುಗಡೆಯಾಗಲಿದೆ ಎಂದು ಪಕ್ಷದ ಮೂಲಗಳು ತಿಳಿಸಿವೆ. ರಾಜ್ಯ ಕಾಂಗ್ರೆಸ್ ಅಧ್ಯಕ್ಷ ನಾನಾ ಪಟೋಲೆ, ಬಾಳಾಸಾಹೇಬ್ ಥೋರಾತ್, ವಿಜಯ್ ವಡೆತ್ತಿವಾರ್ ಸೇರಿದಂತೆ ಪ್ರಮುಖರು ಸಭೆಯಲ್ಲಿ ಪಾಲ್ಗೊಂಡಿದ್ದರು.
